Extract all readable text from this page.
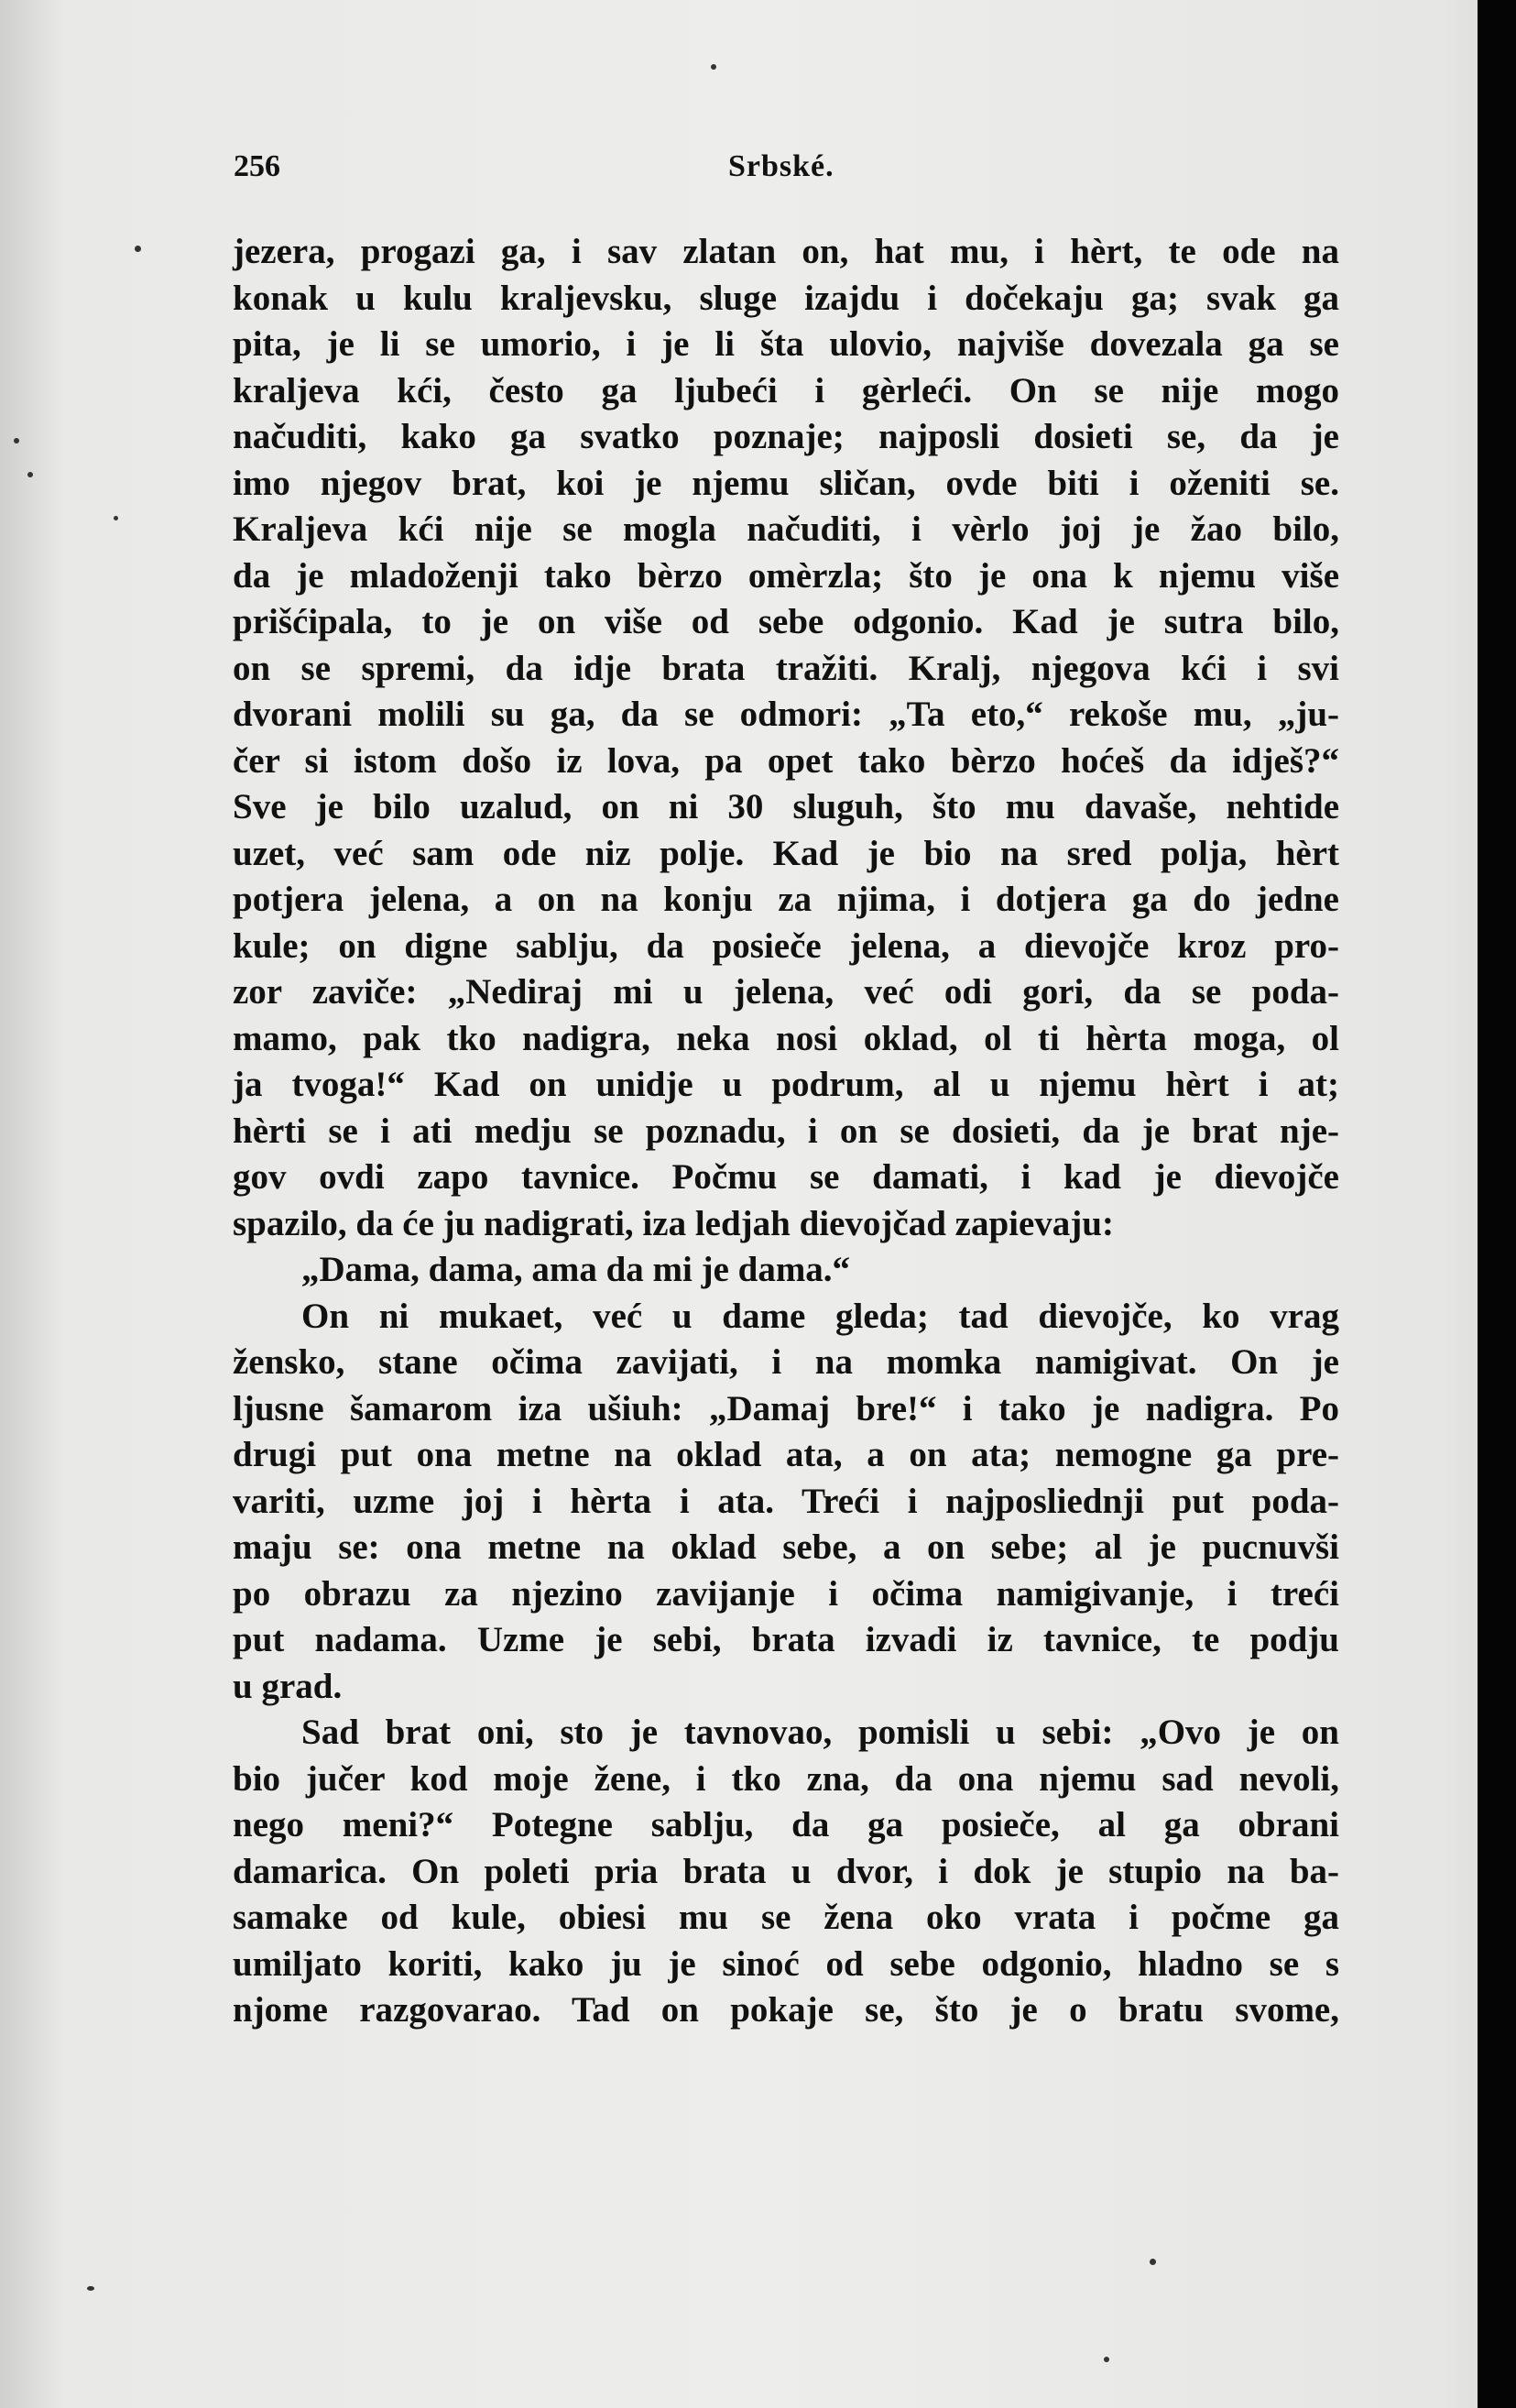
256	Srbské.
jezera, progazi ga, i sav zlatan on, hat mu, i hèrt, te ode na
konak u kulu kraljevsku, sluge izajdu i dočekaju ga; svak ga
pita, je li se umorio, i je li šta ulovio, najviše dovezala ga se
kraljeva kći, često ga ljubeći i gèrleći. On se nije mogo
načuditi, kako ga svatko poznaje; najposli dosieti se, da je
imo njegov brat, koi je njemu sličan, ovde biti i oženiti se.
Kraljeva kći nije se mogla načuditi, i vèrlo joj je žao bilo,
da je mladoženji tako bèrzo omèrzla; što je ona k njemu više
prišćipala, to je on više od sebe odgonio. Kad je sutra bilo,
on se spremi, da idje brata tražiti. Kralj, njegova kći i svi
dvorani molili su ga, da se odmori: „Ta eto,“ rekoše mu, „ju-
čer si istom došo iz lova, pa opet tako bèrzo hoćeš da idješ?“
Sve je bilo uzalud, on ni 30 sluguh, što mu davaše, nehtide
uzet, već sam ode niz polje. Kad je bio na sred polja, hèrt
potjera jelena, a on na konju za njima, i dotjera ga do jedne
kule; on digne sablju, da posieče jelena, a dievojče kroz pro-
zor zaviče: „Nediraj mi u jelena, već odi gori, da se poda-
mamo, pak tko nadigra, neka nosi oklad, ol ti hèrta moga, ol
ja tvoga!“ Kad on unidje u podrum, al u njemu hèrt i at;
hèrti se i ati medju se poznadu, i on se dosieti, da je brat nje-
gov ovdi zapo tavnice. Počmu se damati, i kad je dievojče
spazilo, da će ju nadigrati, iza ledjah dievojčad zapievaju:
„Dama, dama, ama da mi je dama.“
On ni mukaet, već u dame gleda; tad dievojče, ko vrag
žensko, stane očima zavijati, i na momka namigivat. On je
ljusne šamarom iza ušiuh: „Damaj bre!“ i tako je nadigra. Po
drugi put ona metne na oklad ata, a on ata; nemogne ga pre-
variti, uzme joj i hèrta i ata. Treći i najposliednji put poda-
maju se: ona metne na oklad sebe, a on sebe; al je pucnuvši
po obrazu za njezino zavijanje i očima namigivanje, i treći
put nadama. Uzme je sebi, brata izvadi iz tavnice, te podju
u grad.
Sad brat oni, sto je tavnovao, pomisli u sebi: „Ovo je on
bio jučer kod moje žene, i tko zna, da ona njemu sad nevoli,
nego meni?“ Potegne sablju, da ga posieče, al ga obrani
damarica. On poleti pria brata u dvor, i dok je stupio na ba-
samake od kule, obiesi mu se žena oko vrata i počme ga
umiljato koriti, kako ju je sinoć od sebe odgonio, hladno se s
njome razgovarao. Tad on pokaje se, što je o bratu svome,
